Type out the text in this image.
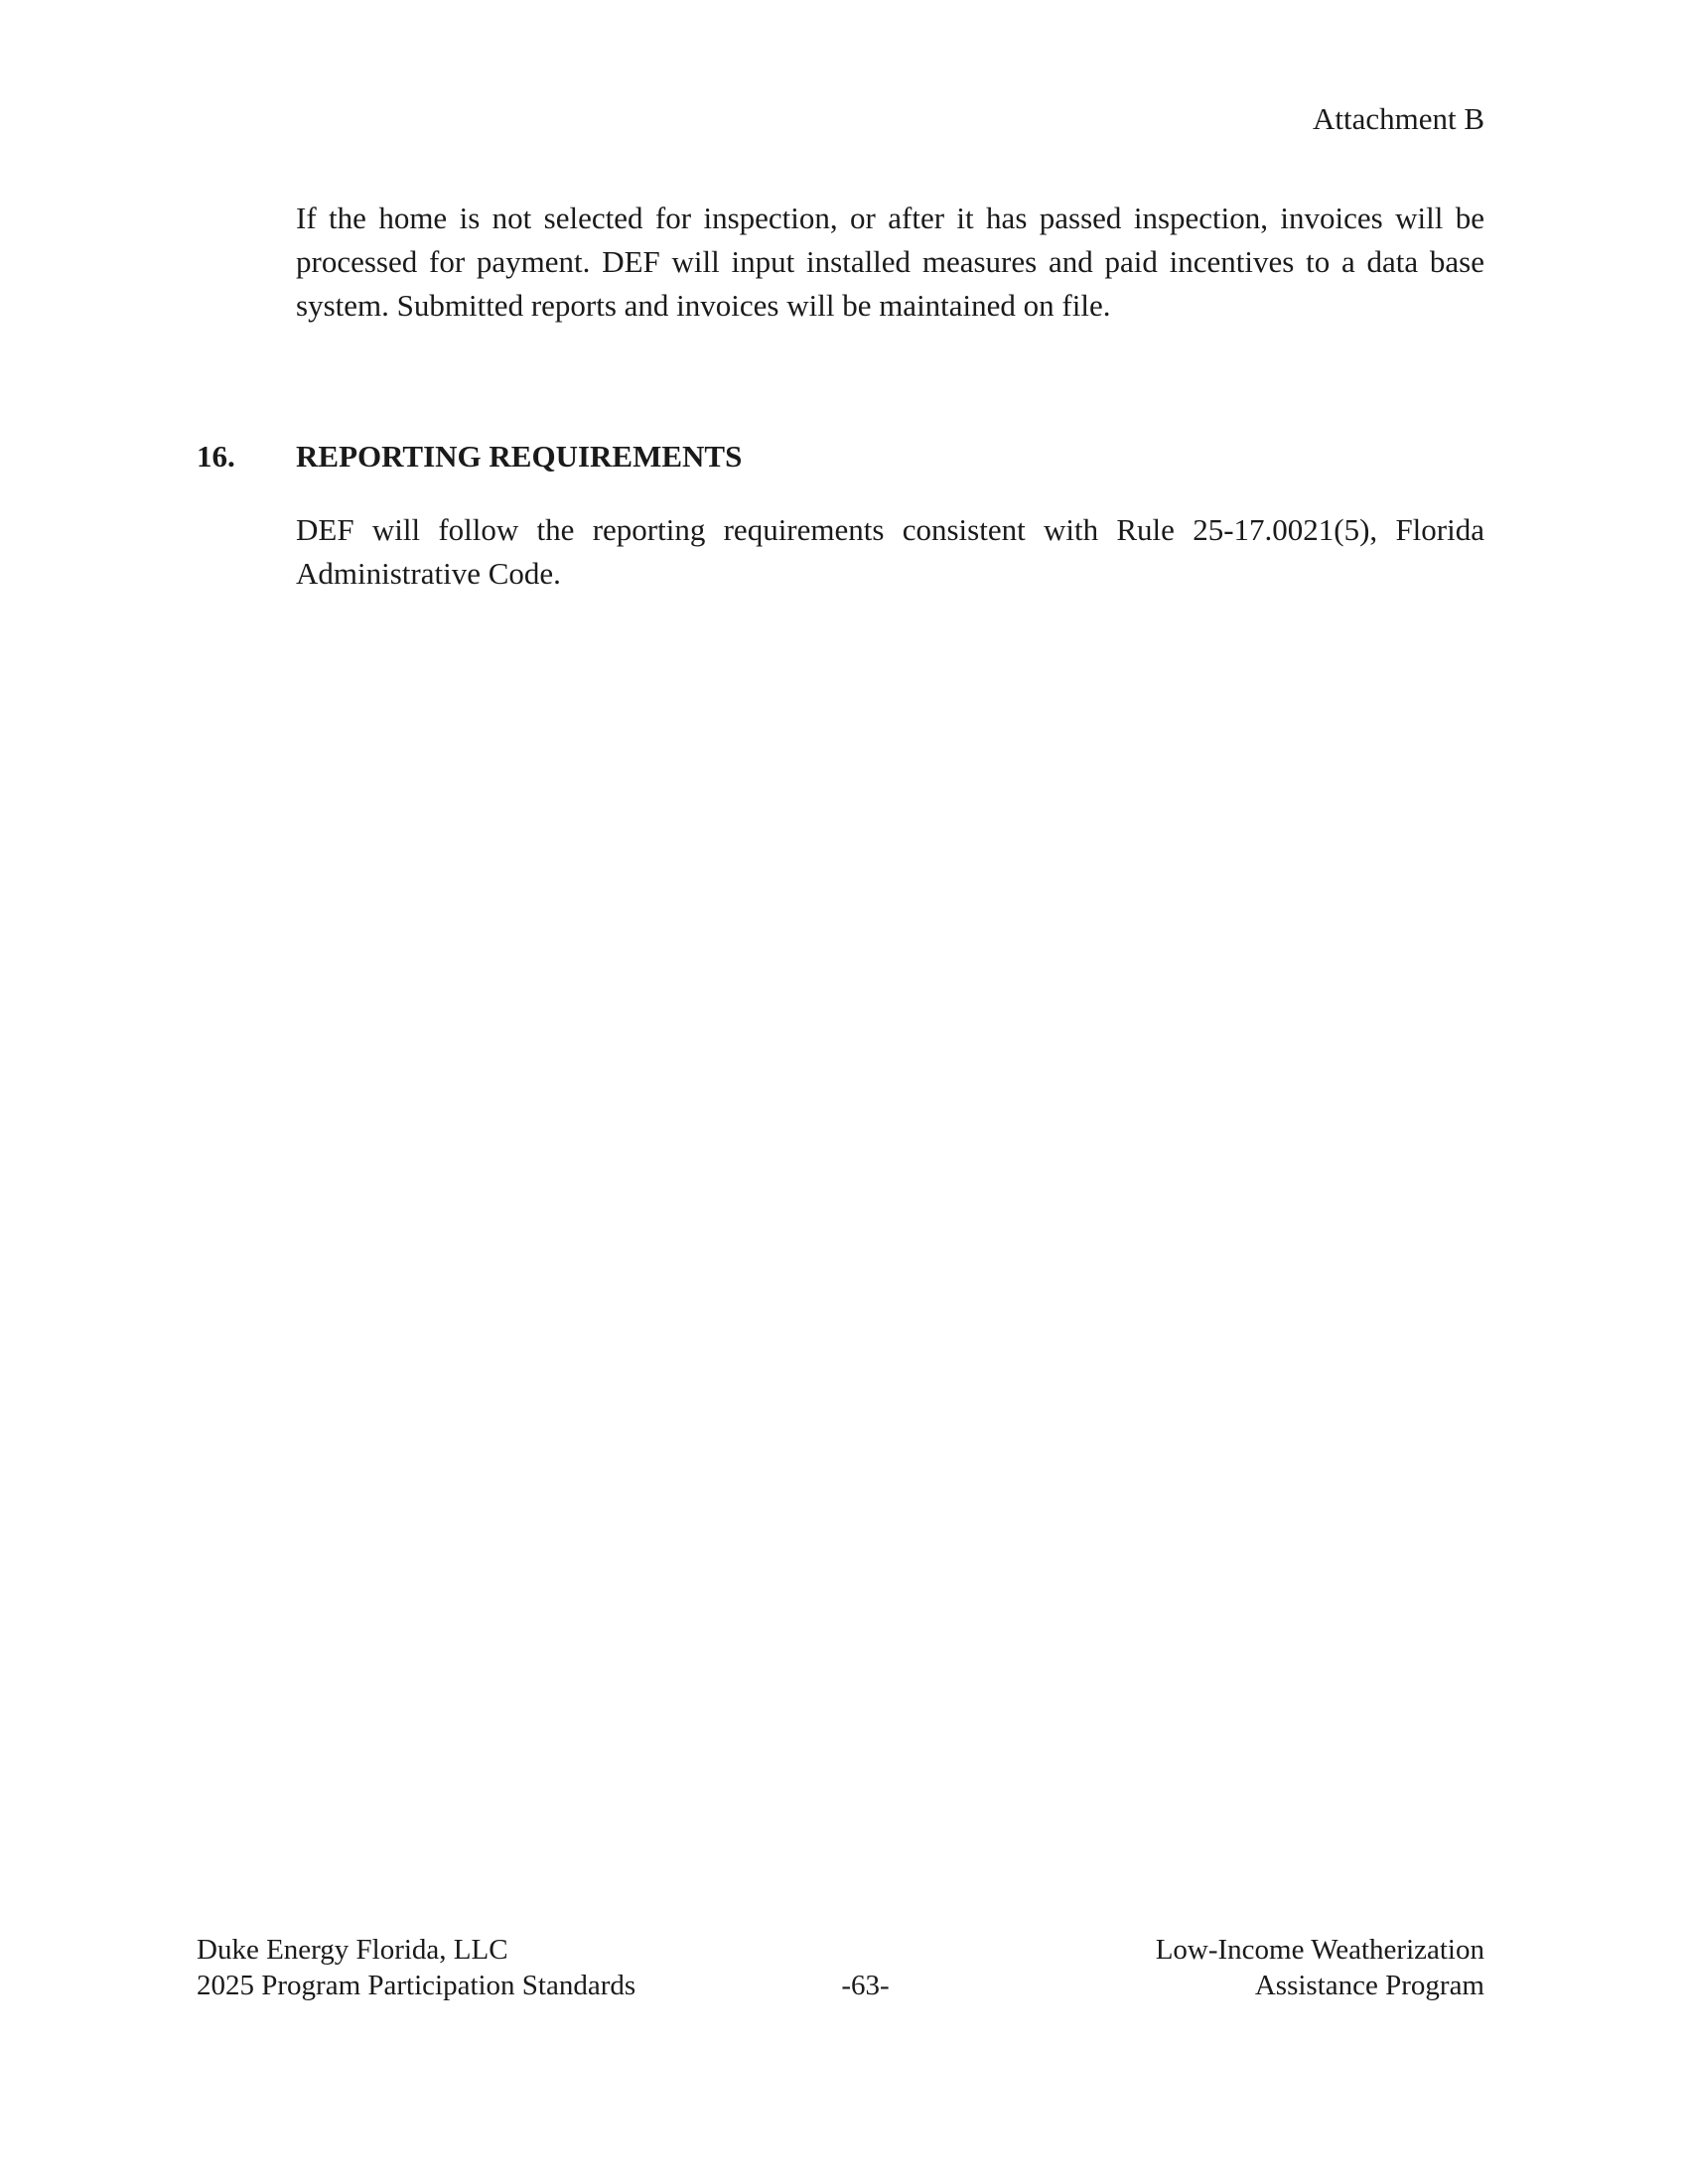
Attachment B

If the home is not selected for inspection, or after it has passed inspection, invoices will be processed for payment. DEF will input installed measures and paid incentives to a data base system. Submitted reports and invoices will be maintained on file.

16.	REPORTING REQUIREMENTS

DEF will follow the reporting requirements consistent with Rule 25-17.0021(5), Florida Administrative Code.

Duke Energy Florida, LLC
2025 Program Participation Standards	-63-
Low-Income Weatherization
Assistance Program
